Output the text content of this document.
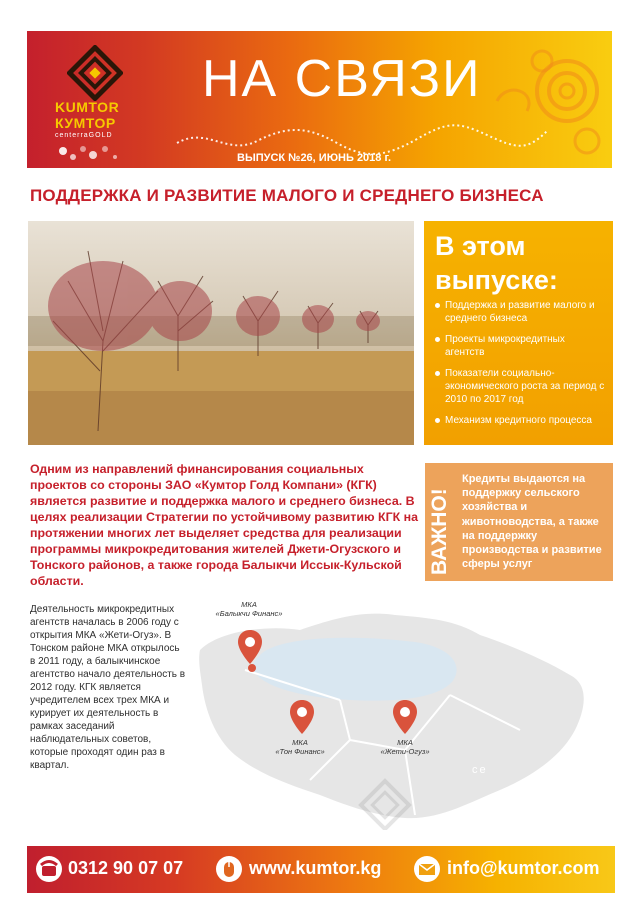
KUMTOR
КУМТОР
centerraGOLD
НА СВЯЗИ
ВЫПУСК №26, ИЮНЬ 2018 г.
ПОДДЕРЖКА И РАЗВИТИЕ МАЛОГО И СРЕДНЕГО БИЗНЕСА
В этом
выпуске:
Поддержка и развитие малого и среднего бизнеса
Проекты микрокредитных агентств
Показатели социально-экономического роста за период с 2010 по 2017 год
Механизм кредитного процесса
Одним из направлений финансирования социальных проектов со стороны ЗАО «Кумтор Голд Компани» (КГК) является развитие и поддержка малого и среднего бизнеса. В целях реализации Стратегии по устойчивому развитию КГК на протяжении многих лет выделяет средства для реализации программы микрокредитования жителей Джети-Огузского и Тонского районов, а также города Балыкчи Иссык-Кульской области.
ВАЖНО!
Кредиты выдаются на поддержку сельского хозяйства и животноводства, а также на поддержку производства и развитие сферы услуг
Деятельность микрокредитных агентств началась в 2006 году с открытия МКА «Жети-Огуз». В Тонском районе МКА открылось в 2011 году, а балыкчинское агентство начало деятельность в 2012 году. КГК является учредителем всех трех МКА и курирует их деятельность в рамках заседаний наблюдательных советов, которые проходят один раз в квартал.
МКА
«Балыкчи Финанс»
МКА
«Тон Финанс»
МКА
«Жети-Огуз»
ce
0312 90 07 07	www.kumtor.kg	info@kumtor.com
